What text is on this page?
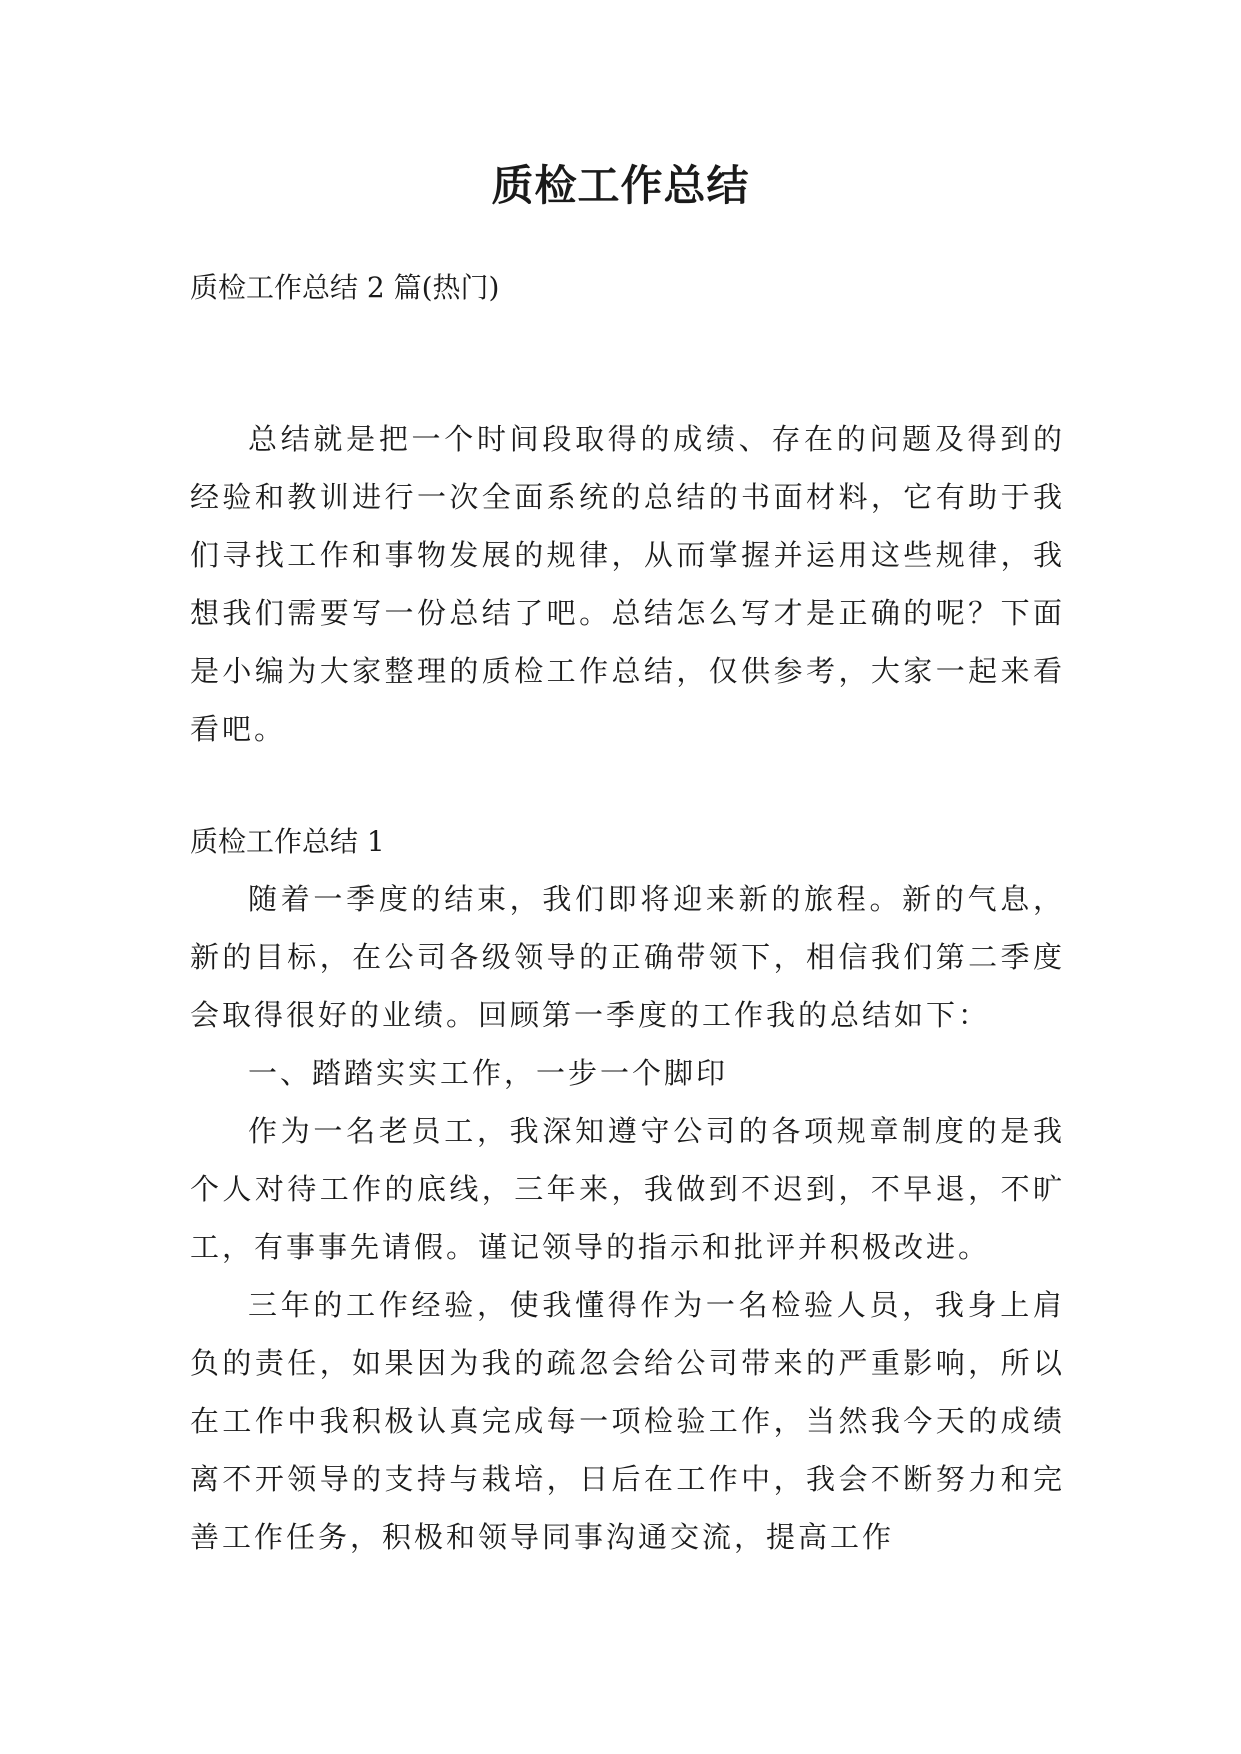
质检工作总结

质检工作总结 2 篇(热门)

总结就是把一个时间段取得的成绩、存在的问题及得到的经验和教训进行一次全面系统的总结的书面材料，它有助于我们寻找工作和事物发展的规律，从而掌握并运用这些规律，我想我们需要写一份总结了吧。总结怎么写才是正确的呢？下面是小编为大家整理的质检工作总结，仅供参考，大家一起来看看吧。

质检工作总结 1

随着一季度的结束，我们即将迎来新的旅程。新的气息，新的目标，在公司各级领导的正确带领下，相信我们第二季度会取得很好的业绩。回顾第一季度的工作我的总结如下：

一、踏踏实实工作，一步一个脚印

作为一名老员工，我深知遵守公司的各项规章制度的是我个人对待工作的底线，三年来，我做到不迟到，不早退，不旷工，有事事先请假。谨记领导的指示和批评并积极改进。

三年的工作经验，使我懂得作为一名检验人员，我身上肩负的责任，如果因为我的疏忽会给公司带来的严重影响，所以在工作中我积极认真完成每一项检验工作，当然我今天的成绩离不开领导的支持与栽培，日后在工作中，我会不断努力和完善工作任务，积极和领导同事沟通交流，提高工作
